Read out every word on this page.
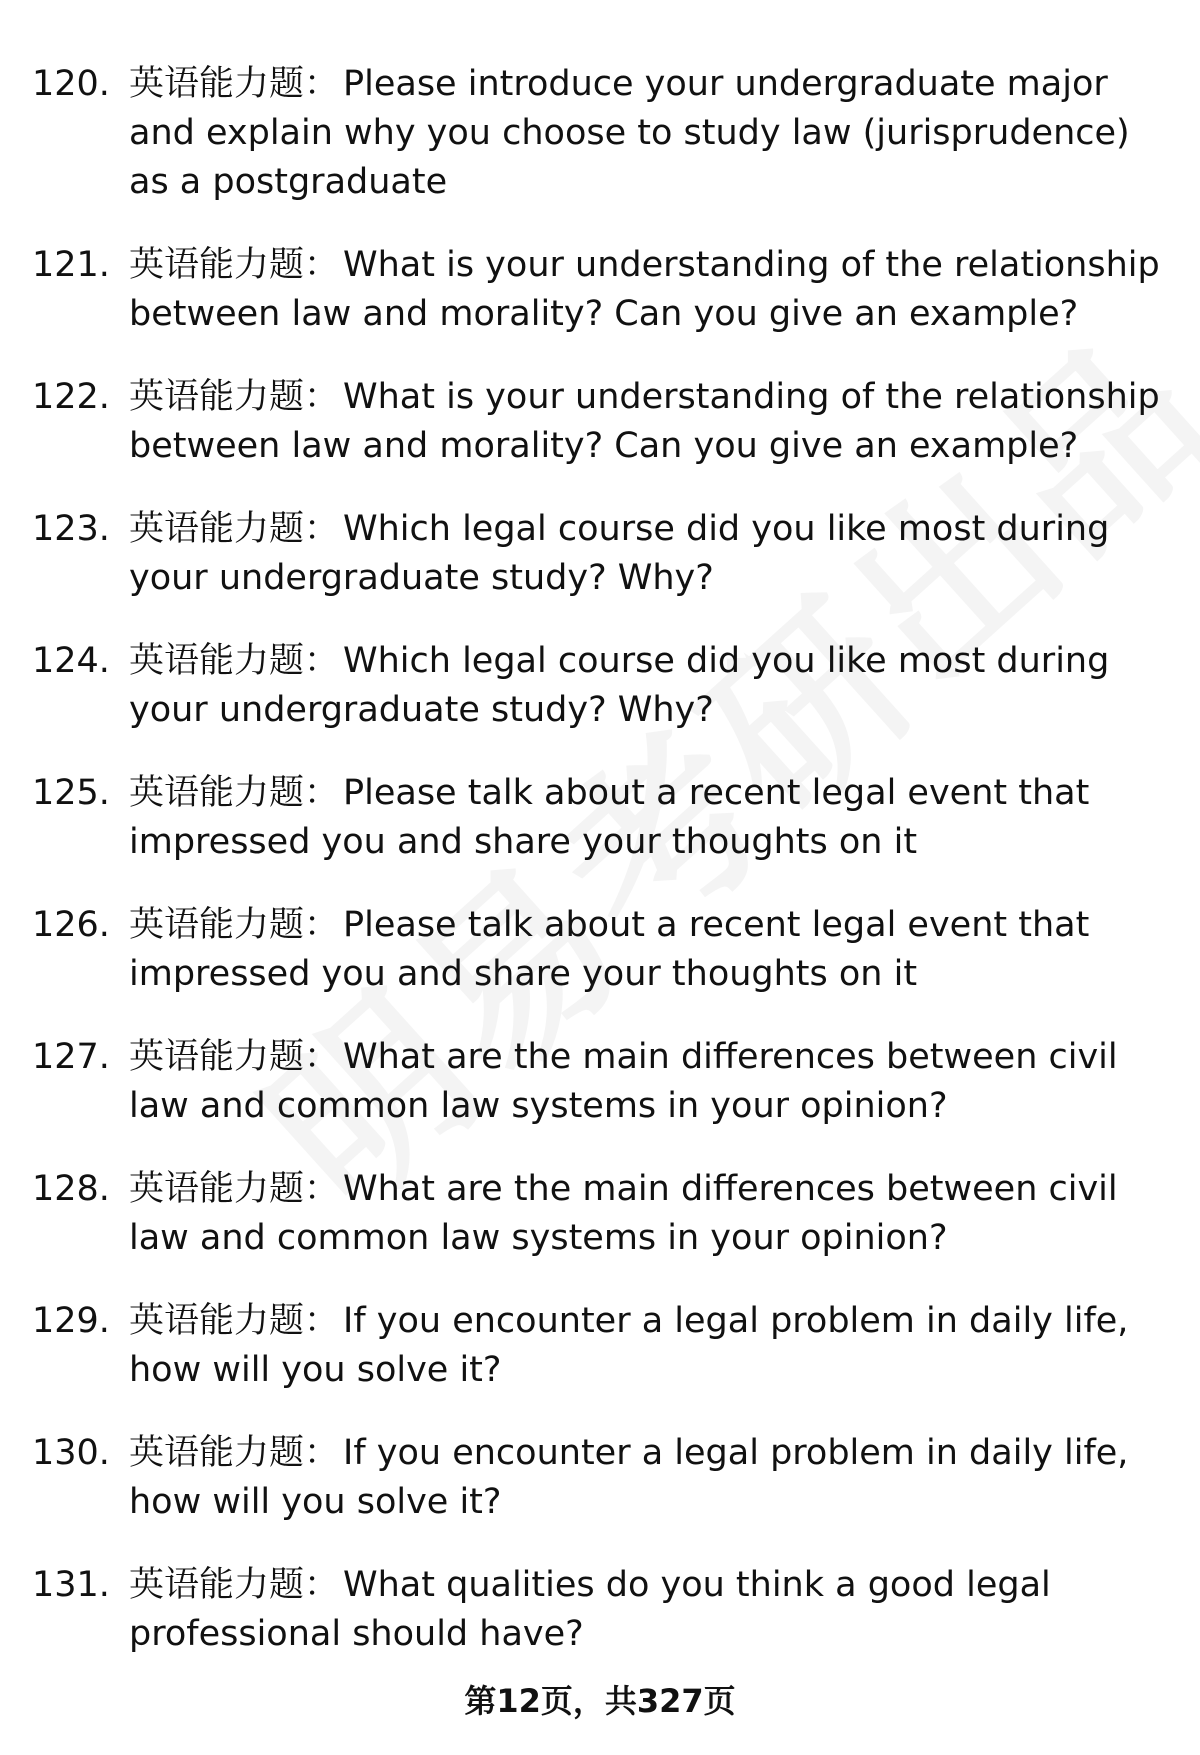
120. 英语能力题： Please introduce your undergraduate major and explain why you choose to study law (jurisprudence) as a postgraduate
121. 英语能力题： What is your understanding of the relationship between law and morality? Can you give an example?
122. 英语能力题： What is your understanding of the relationship between law and morality? Can you give an example?
123. 英语能力题： Which legal course did you like most during your undergraduate study? Why?
124. 英语能力题： Which legal course did you like most during your undergraduate study? Why?
125. 英语能力题： Please talk about a recent legal event that impressed you and share your thoughts on it
126. 英语能力题： Please talk about a recent legal event that impressed you and share your thoughts on it
127. 英语能力题： What are the main differences between civil law and common law systems in your opinion?
128. 英语能力题： What are the main differences between civil law and common law systems in your opinion?
129. 英语能力题： If you encounter a legal problem in daily life, how will you solve it?
130. 英语能力题： If you encounter a legal problem in daily life, how will you solve it?
131. 英语能力题： What qualities do you think a good legal professional should have?
第12页，共327页
